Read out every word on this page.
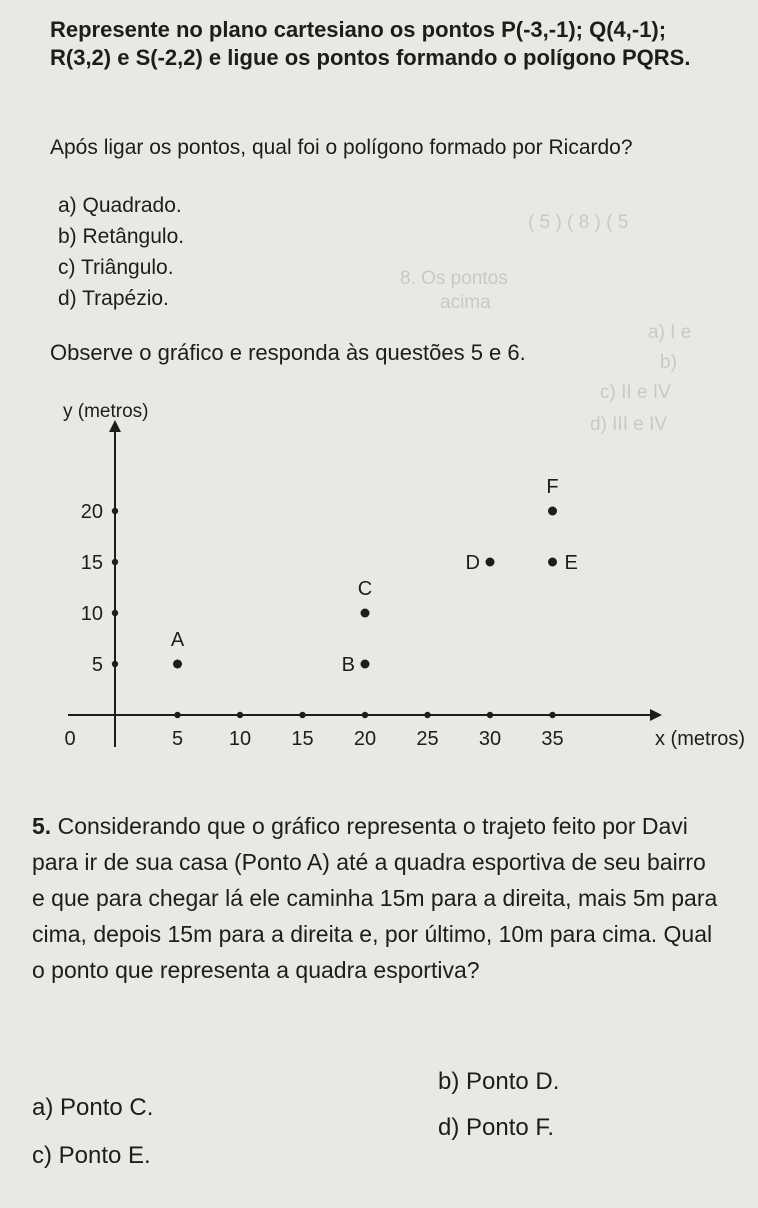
( 5 ) ( 8 ) ( 5
8. Os pontos
acima
a) I e
b)
c) II e IV
d) III e IV
Represente no plano cartesiano os pontos P(-3,-1); Q(4,-1); R(3,2) e S(-2,2) e ligue os pontos formando o polígono PQRS.
Após ligar os pontos, qual foi o polígono formado por Ricardo?
a) Quadrado.
b) Retângulo.
c) Triângulo.
d) Trapézio.
Observe o gráfico e responda às questões 5 e 6.
y (metros)
x (metros)
0	5 10 15 20 25 30 35
5
10
15
20
A
B
C
D	E
F
5. Considerando que o gráfico representa o trajeto feito por Davi para ir de sua casa (Ponto A) até a quadra esportiva de seu bairro e que para chegar lá ele caminha 15m para a direita, mais 5m para cima, depois 15m para a direita e, por último, 10m para cima. Qual o ponto que representa a quadra esportiva?
a) Ponto C.
b) Ponto D.
c) Ponto E.
d) Ponto F.
